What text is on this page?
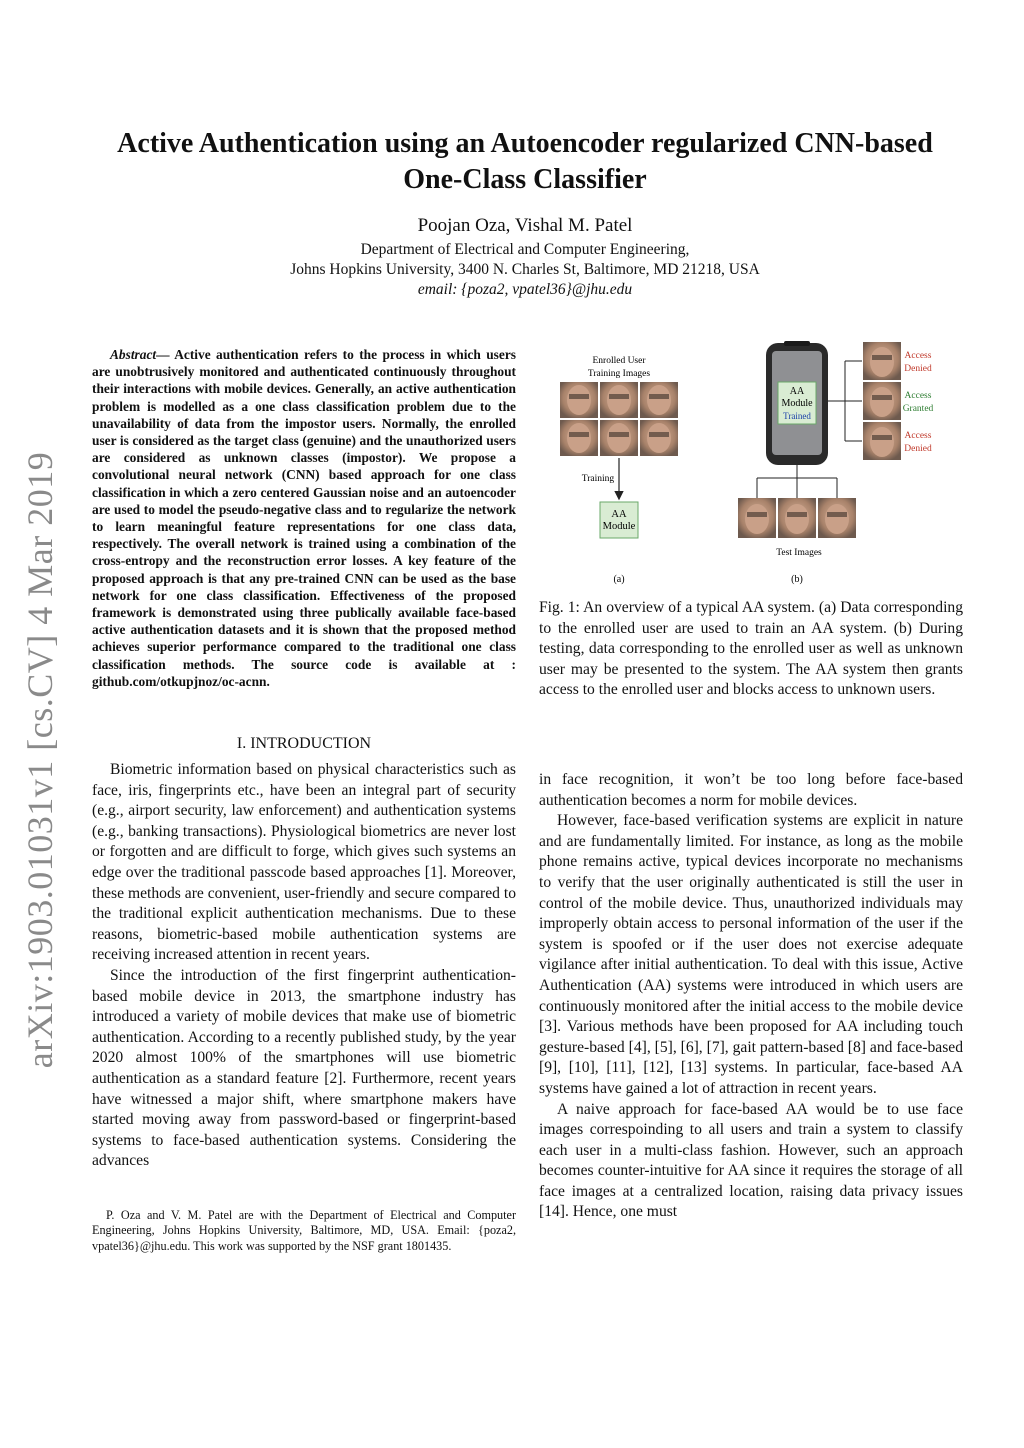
arXiv:1903.01031v1 [cs.CV] 4 Mar 2019
Active Authentication using an Autoencoder regularized CNN-based
One-Class Classifier
Poojan Oza, Vishal M. Patel
Department of Electrical and Computer Engineering,
Johns Hopkins University, 3400 N. Charles St, Baltimore, MD 21218, USA
email: {poza2, vpatel36}@jhu.edu
Abstract— Active authentication refers to the process in which users are unobtrusively monitored and authenticated continuously throughout their interactions with mobile devices. Generally, an active authentication problem is modelled as a one class classification problem due to the unavailability of data from the impostor users. Normally, the enrolled user is considered as the target class (genuine) and the unauthorized users are considered as unknown classes (impostor). We propose a convolutional neural network (CNN) based approach for one class classification in which a zero centered Gaussian noise and an autoencoder are used to model the pseudo-negative class and to regularize the network to learn meaningful feature representations for one class data, respectively. The overall network is trained using a combination of the cross-entropy and the reconstruction error losses. A key feature of the proposed approach is that any pre-trained CNN can be used as the base network for one class classification. Effectiveness of the proposed framework is demonstrated using three publically available face-based active authentication datasets and it is shown that the proposed method achieves superior performance compared to the traditional one class classification methods. The source code is available at : github.com/otkupjnoz/oc-acnn.
I. INTRODUCTION

Biometric information based on physical characteristics such as face, iris, fingerprints etc., have been an integral part of security (e.g., airport security, law enforcement) and authentication systems (e.g., banking transactions). Physiological biometrics are never lost or forgotten and are difficult to forge, which gives such systems an edge over the traditional passcode based approaches [1]. Moreover, these methods are convenient, user-friendly and secure compared to the traditional explicit authentication mechanisms. Due to these reasons, biometric-based mobile authentication systems are receiving increased attention in recent years.

Since the introduction of the first fingerprint authentication-based mobile device in 2013, the smartphone industry has introduced a variety of mobile devices that make use of biometric authentication. According to a recently published study, by the year 2020 almost 100% of the smartphones will use biometric authentication as a standard feature [2]. Furthermore, recent years have witnessed a major shift, where smartphone makers have started moving away from password-based or fingerprint-based systems to face-based authentication systems. Considering the advances

P. Oza and V. M. Patel are with the Department of Electrical and Computer Engineering, Johns Hopkins University, Baltimore, MD, USA. Email: {poza2, vpatel36}@jhu.edu. This work was supported by the NSF grant 1801435.

Enrolled User
Training Images
Training
AA
Module
(a)
AA
Module
Trained
Access
Denied
Access
Granted
Access
Denied
Test Images
(b)
Fig. 1: An overview of a typical AA system. (a) Data corresponding to the enrolled user are used to train an AA system. (b) During testing, data corresponding to the enrolled user as well as unknown user may be presented to the system. The AA system then grants access to the enrolled user and blocks access to unknown users.

in face recognition, it won’t be too long before face-based authentication becomes a norm for mobile devices.

However, face-based verification systems are explicit in nature and are fundamentally limited. For instance, as long as the mobile phone remains active, typical devices incorporate no mechanisms to verify that the user originally authenticated is still the user in control of the mobile device. Thus, unauthorized individuals may improperly obtain access to personal information of the user if the system is spoofed or if the user does not exercise adequate vigilance after initial authentication. To deal with this issue, Active Authentication (AA) systems were introduced in which users are continuously monitored after the initial access to the mobile device [3]. Various methods have been proposed for AA including touch gesture-based [4], [5], [6], [7], gait pattern-based [8] and face-based [9], [10], [11], [12], [13] systems. In particular, face-based AA systems have gained a lot of attraction in recent years.

A naive approach for face-based AA would be to use face images correspoinding to all users and train a system to classify each user in a multi-class fashion. However, such an approach becomes counter-intuitive for AA since it requires the storage of all face images at a centralized location, raising data privacy issues [14]. Hence, one must
